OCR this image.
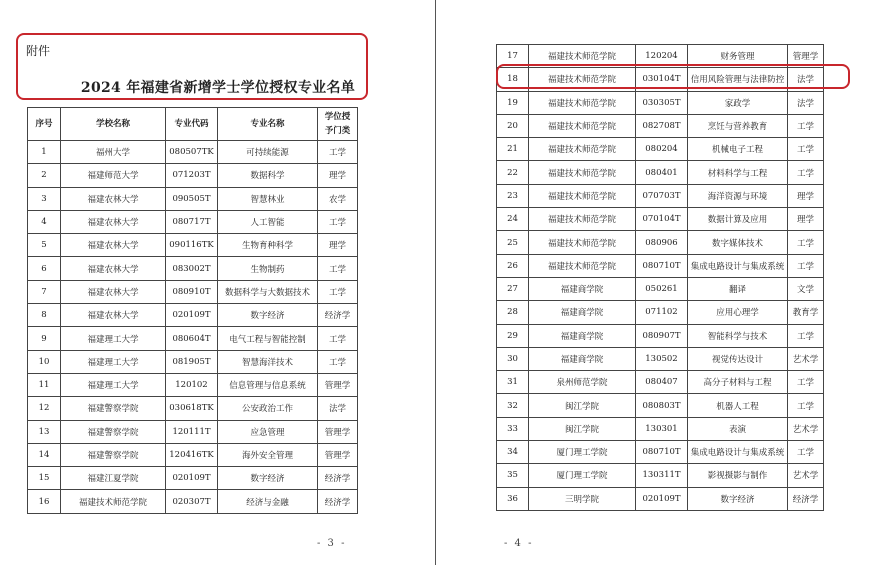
附件
2024 年福建省新增学士学位授权专业名单
序号	学校名称	专业代码	专业名称	学位授予门类
1	福州大学	080507TK	可持续能源	工学
2	福建师范大学	071203T	数据科学	理学
3	福建农林大学	090505T	智慧林业	农学
4	福建农林大学	080717T	人工智能	工学
5	福建农林大学	090116TK	生物育种科学	理学
6	福建农林大学	083002T	生物制药	工学
7	福建农林大学	080910T	数据科学与大数据技术	工学
8	福建农林大学	020109T	数字经济	经济学
9	福建理工大学	080604T	电气工程与智能控制	工学
10	福建理工大学	081905T	智慧海洋技术	工学
11	福建理工大学	120102	信息管理与信息系统	管理学
12	福建警察学院	030618TK	公安政治工作	法学
13	福建警察学院	120111T	应急管理	管理学
14	福建警察学院	120416TK	海外安全管理	管理学
15	福建江夏学院	020109T	数字经济	经济学
16	福建技术师范学院	020307T	经济与金融	经济学
- 3 -
17	福建技术师范学院	120204	财务管理	管理学
18	福建技术师范学院	030104T	信用风险管理与法律防控	法学
19	福建技术师范学院	030305T	家政学	法学
20	福建技术师范学院	082708T	烹饪与营养教育	工学
21	福建技术师范学院	080204	机械电子工程	工学
22	福建技术师范学院	080401	材料科学与工程	工学
23	福建技术师范学院	070703T	海洋资源与环境	理学
24	福建技术师范学院	070104T	数据计算及应用	理学
25	福建技术师范学院	080906	数字媒体技术	工学
26	福建技术师范学院	080710T	集成电路设计与集成系统	工学
27	福建商学院	050261	翻译	文学
28	福建商学院	071102	应用心理学	教育学
29	福建商学院	080907T	智能科学与技术	工学
30	福建商学院	130502	视觉传达设计	艺术学
31	泉州师范学院	080407	高分子材料与工程	工学
32	闽江学院	080803T	机器人工程	工学
33	闽江学院	130301	表演	艺术学
34	厦门理工学院	080710T	集成电路设计与集成系统	工学
35	厦门理工学院	130311T	影视摄影与制作	艺术学
36	三明学院	020109T	数字经济	经济学
- 4 -
